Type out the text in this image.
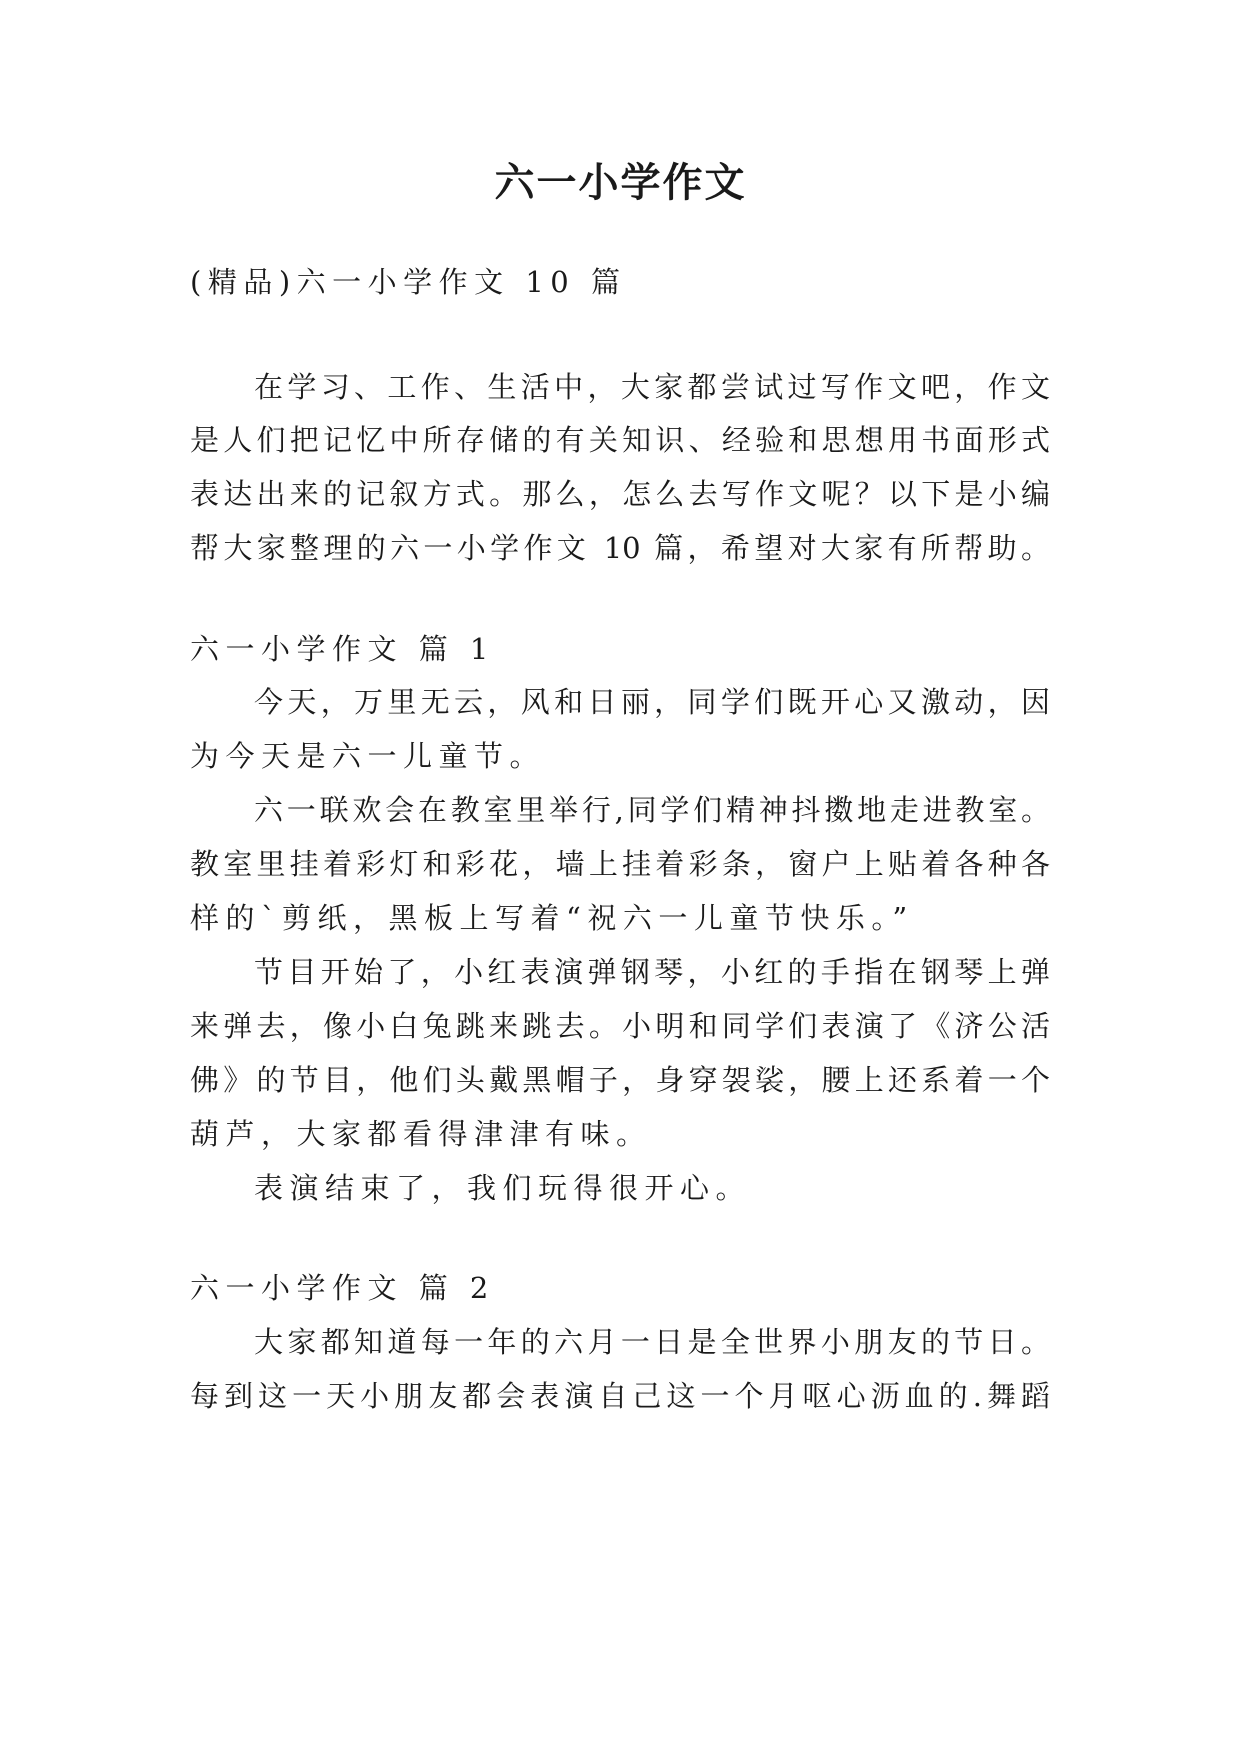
六一小学作文
(精品)六一小学作文 10 篇
在学习、工作、生活中，大家都尝试过写作文吧，作文
是人们把记忆中所存储的有关知识、经验和思想用书面形式
表达出来的记叙方式。那么，怎么去写作文呢？以下是小编
帮大家整理的六一小学作文 10 篇，希望对大家有所帮助。
六一小学作文 篇 1
今天，万里无云，风和日丽，同学们既开心又激动，因
为今天是六一儿童节。
六一联欢会在教室里举行,同学们精神抖擞地走进教室。
教室里挂着彩灯和彩花，墙上挂着彩条，窗户上贴着各种各
样的`剪纸，黑板上写着“祝六一儿童节快乐。”
节目开始了，小红表演弹钢琴，小红的手指在钢琴上弹
来弹去，像小白兔跳来跳去。小明和同学们表演了《济公活
佛》的节目，他们头戴黑帽子，身穿袈裟，腰上还系着一个
葫芦，大家都看得津津有味。
表演结束了，我们玩得很开心。
六一小学作文 篇 2
大家都知道每一年的六月一日是全世界小朋友的节日。
每到这一天小朋友都会表演自己这一个月呕心沥血的.舞蹈
